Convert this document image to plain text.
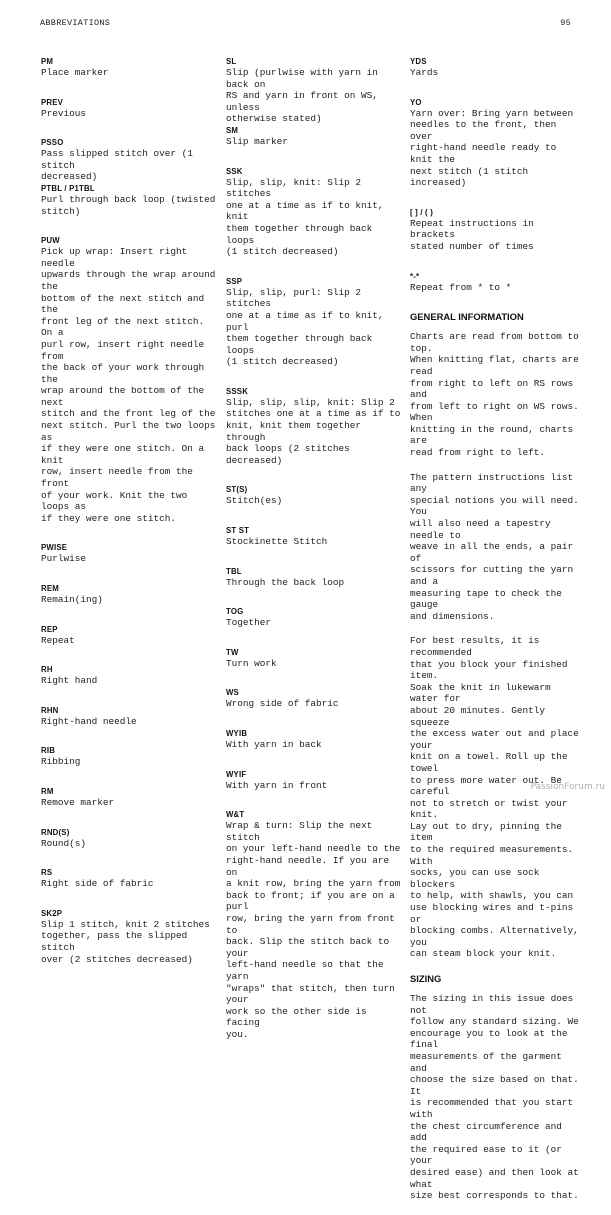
ABBREVIATIONS	95
PM
Place marker
PREV
Previous
PSSO
Pass slipped stitch over (1 stitch
decreased)
PTBL / P1TBL
Purl through back loop (twisted
stitch)
PUW
Pick up wrap: Insert right needle
upwards through the wrap around the
bottom of the next stitch and the
front leg of the next stitch. On a
purl row, insert right needle from
the back of your work through the
wrap around the bottom of the next
stitch and the front leg of the
next stitch. Purl the two loops as
if they were one stitch. On a knit
row, insert needle from the front
of your work. Knit the two loops as
if they were one stitch.
PWISE
Purlwise
REM
Remain(ing)
REP
Repeat
RH
Right hand
RHN
Right-hand needle
RIB
Ribbing
RM
Remove marker
RND(S)
Round(s)
RS
Right side of fabric
SK2P
Slip 1 stitch, knit 2 stitches
together, pass the slipped stitch
over (2 stitches decreased)
SL
Slip (purlwise with yarn in back on
RS and yarn in front on WS, unless
otherwise stated)
SM
Slip marker
SSK
Slip, slip, knit: Slip 2 stitches
one at a time as if to knit, knit
them together through back loops
(1 stitch decreased)
SSP
Slip, slip, purl: Slip 2 stitches
one at a time as if to knit, purl
them together through back loops
(1 stitch decreased)
SSSK
Slip, slip, slip, knit: Slip 2
stitches one at a time as if to
knit, knit them together through
back loops (2 stitches decreased)
ST(S)
Stitch(es)
ST ST
Stockinette Stitch
TBL
Through the back loop
TOG
Together
TW
Turn work
WS
Wrong side of fabric
WYIB
With yarn in back
WYIF
With yarn in front
W&T
Wrap & turn: Slip the next stitch
on your left-hand needle to the
right-hand needle. If you are on
a knit row, bring the yarn from
back to front; if you are on a purl
row, bring the yarn from front to
back. Slip the stitch back to your
left-hand needle so that the yarn
"wraps" that stitch, then turn your
work so the other side is facing
you.
YDS
Yards
YO
Yarn over: Bring yarn between
needles to the front, then over
right-hand needle ready to knit the
next stitch (1 stitch increased)
[ ] / ( )
Repeat instructions in brackets
stated number of times
*-*
Repeat from * to *
GENERAL INFORMATION
Charts are read from bottom to top.
When knitting flat, charts are read
from right to left on RS rows and
from left to right on WS rows. When
knitting in the round, charts are
read from right to left.
The pattern instructions list any
special notions you will need. You
will also need a tapestry needle to
weave in all the ends, a pair of
scissors for cutting the yarn and a
measuring tape to check the gauge
and dimensions.
For best results, it is recommended
that you block your finished item.
Soak the knit in lukewarm water for
about 20 minutes. Gently squeeze
the excess water out and place your
knit on a towel. Roll up the towel
to press more water out. Be careful
not to stretch or twist your knit.
Lay out to dry, pinning the item
to the required measurements. With
socks, you can use sock blockers
to help, with shawls, you can
use blocking wires and t-pins or
blocking combs. Alternatively, you
can steam block your knit.
SIZING
The sizing in this issue does not
follow any standard sizing. We
encourage you to look at the final
measurements of the garment and
choose the size based on that. It
is recommended that you start with
the chest circumference and add
the required ease to it (or your
desired ease) and then look at what
size best corresponds to that.
PassionForum.ru
